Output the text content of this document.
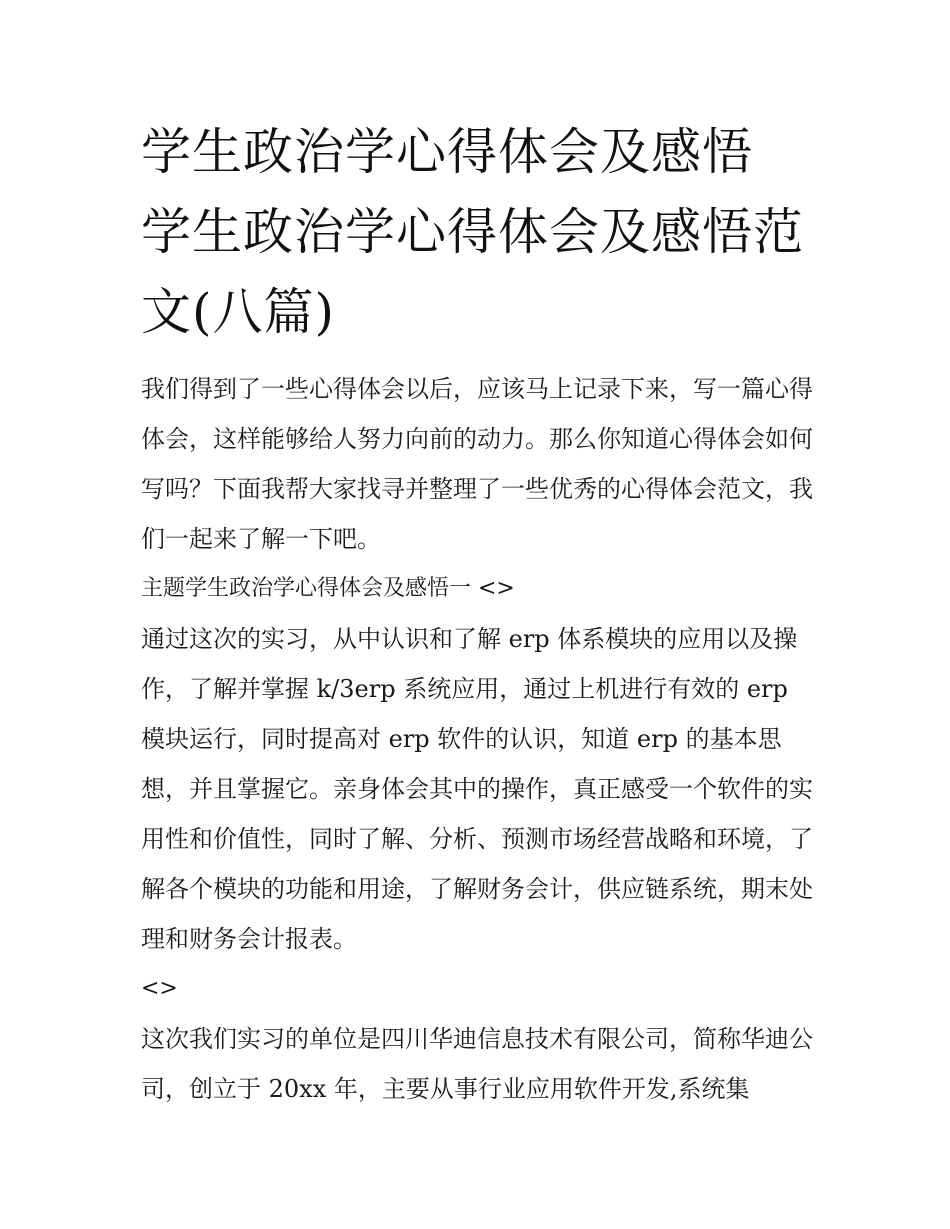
学生政治学心得体会及感悟 学生政治学心得体会及感悟范文(八篇)

我们得到了一些心得体会以后，应该马上记录下来，写一篇心得体会，这样能够给人努力向前的动力。那么你知道心得体会如何写吗？下面我帮大家找寻并整理了一些优秀的心得体会范文，我们一起来了解一下吧。

主题学生政治学心得体会及感悟一 <>

通过这次的实习，从中认识和了解 erp 体系模块的应用以及操作，了解并掌握 k/3erp 系统应用，通过上机进行有效的 erp 模块运行，同时提高对 erp 软件的认识，知道 erp 的基本思想，并且掌握它。亲身体会其中的操作，真正感受一个软件的实用性和价值性，同时了解、分析、预测市场经营战略和环境，了解各个模块的功能和用途，了解财务会计，供应链系统，期末处理和财务会计报表。

<>

这次我们实习的单位是四川华迪信息技术有限公司，简称华迪公司，创立于 20xx 年，主要从事行业应用软件开发,系统集
